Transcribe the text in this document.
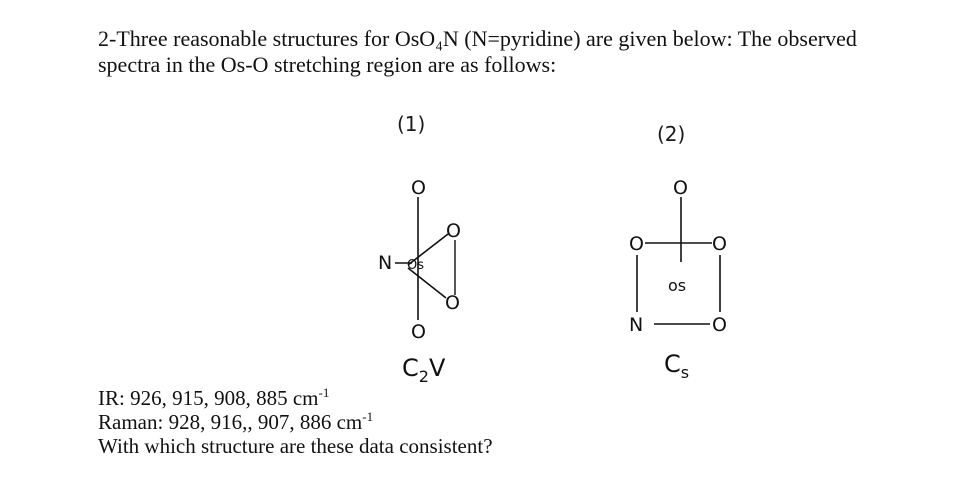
2-Three reasonable structures for OsO₄N (N=pyridine) are given below: The observed
spectra in the Os-O stretching region are as follows:

(1)
O
N Os
O
O
O
$C_2V$
(2)
O
O	O
os
N	O
$C_s$
IR: 926, 915, 908, 885 $cm^{-1}$
Raman: 928, 916,, 907, 886 $cm^{-1}$
With which structure are these data consistent?
